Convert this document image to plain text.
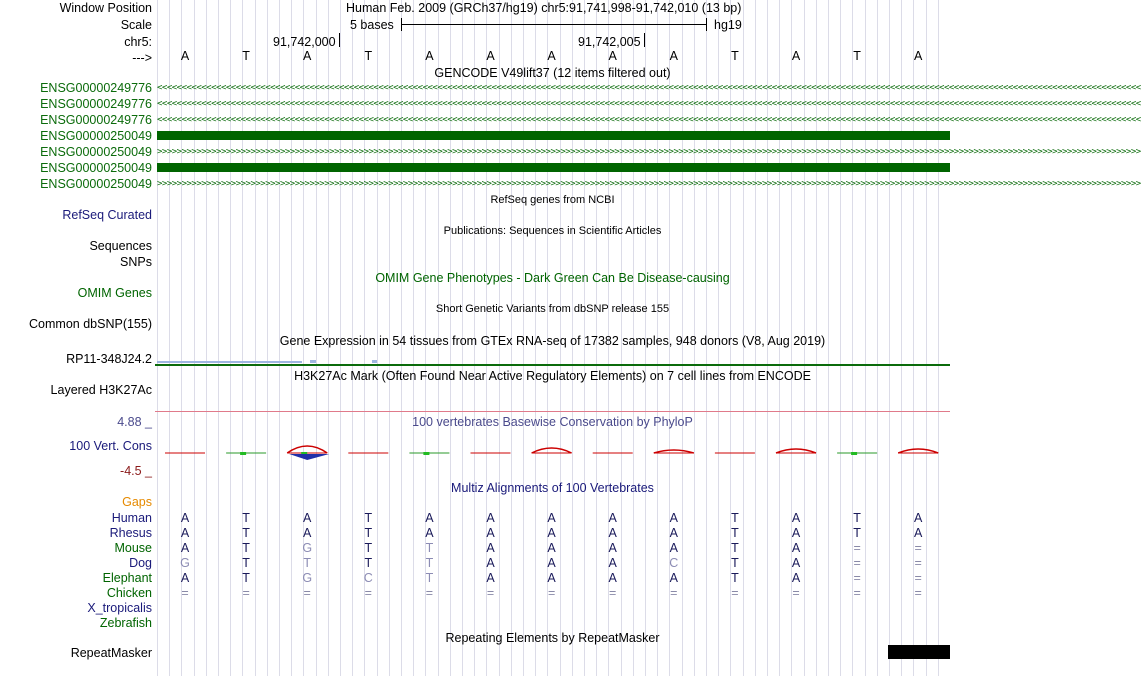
Window Position
Scale
chr5:
--->
Human Feb. 2009 (GRCh37/hg19) chr5:91,741,998-91,742,010 (13 bp)
5 bases	hg19
91,742,000	91,742,005
A	T	A	T	A	A	A	A	A	T	A	T	A
GENCODE V49lift37 (12 items filtered out)
ENSG00000249776 <<<<<<<<<<<<<<<<<<<<<<<<<<<<<<<<<<<<<<<<<<<<<<<<<<<<<<<<<<<<<<<<<<<<<<<<<<<<<<<<<<<<<<<<<<<<<<<<<<<<<<<<<<<<<<<<<<<<<<<<<<<<<<<<<<<<<<<<<<<<<<<<<<<<<<<<<<<<<<<<<<<<<<<<<<<<<<<<<<<<<<<<<<<<<<<<<<<<<<<<
ENSG00000249776 <<<<<<<<<<<<<<<<<<<<<<<<<<<<<<<<<<<<<<<<<<<<<<<<<<<<<<<<<<<<<<<<<<<<<<<<<<<<<<<<<<<<<<<<<<<<<<<<<<<<<<<<<<<<<<<<<<<<<<<<<<<<<<<<<<<<<<<<<<<<<<<<<<<<<<<<<<<<<<<<<<<<<<<<<<<<<<<<<<<<<<<<<<<<<<<<<<<<<<<<
ENSG00000249776 <<<<<<<<<<<<<<<<<<<<<<<<<<<<<<<<<<<<<<<<<<<<<<<<<<<<<<<<<<<<<<<<<<<<<<<<<<<<<<<<<<<<<<<<<<<<<<<<<<<<<<<<<<<<<<<<<<<<<<<<<<<<<<<<<<<<<<<<<<<<<<<<<<<<<<<<<<<<<<<<<<<<<<<<<<<<<<<<<<<<<<<<<<<<<<<<<<<<<<<<
ENSG00000250049
ENSG00000250049 >>>>>>>>>>>>>>>>>>>>>>>>>>>>>>>>>>>>>>>>>>>>>>>>>>>>>>>>>>>>>>>>>>>>>>>>>>>>>>>>>>>>>>>>>>>>>>>>>>>>>>>>>>>>>>>>>>>>>>>>>>>>>>>>>>>>>>>>>>>>>>>>>>>>>>>>>>>>>>>>>>>>>>>>>>>>>>>>>>>>>>>>>>>>>>>>>>>>>>>>
ENSG00000250049
ENSG00000250049 >>>>>>>>>>>>>>>>>>>>>>>>>>>>>>>>>>>>>>>>>>>>>>>>>>>>>>>>>>>>>>>>>>>>>>>>>>>>>>>>>>>>>>>>>>>>>>>>>>>>>>>>>>>>>>>>>>>>>>>>>>>>>>>>>>>>>>>>>>>>>>>>>>>>>>>>>>>>>>>>>>>>>>>>>>>>>>>>>>>>>>>>>>>>>>>>>>>>>>>>
RefSeq genes from NCBI
RefSeq Curated
Publications: Sequences in Scientific Articles
Sequences
SNPs
OMIM Gene Phenotypes - Dark Green Can Be Disease-causing
OMIM Genes
Short Genetic Variants from dbSNP release 155
Common dbSNP(155)
Gene Expression in 54 tissues from GTEx RNA-seq of 17382 samples, 948 donors (V8, Aug 2019)
RP11-348J24.2
H3K27Ac Mark (Often Found Near Active Regulatory Elements) on 7 cell lines from ENCODE
Layered H3K27Ac
100 vertebrates Basewise Conservation by PhyloP
4.88 _
100 Vert. Cons
-4.5 _
Multiz Alignments of 100 Vertebrates
Gaps
Human	A	T	A	T	A	A	A	A	A	T	A	T	A
Rhesus	A	T	A	T	A	A	A	A	A	T	A	T	A
Mouse	A	T	G	T	T	A	A	A	A	T	A	=	=
Dog	G	T	T	T	T	A	A	A	C	T	A	=	=
Elephant	A	T	G	C	T	A	A	A	A	T	A	=	=
Chicken	=	=	=	=	=	=	=	=	=	=	=	=	=
X_tropicalis
Zebrafish
Repeating Elements by RepeatMasker
RepeatMasker
